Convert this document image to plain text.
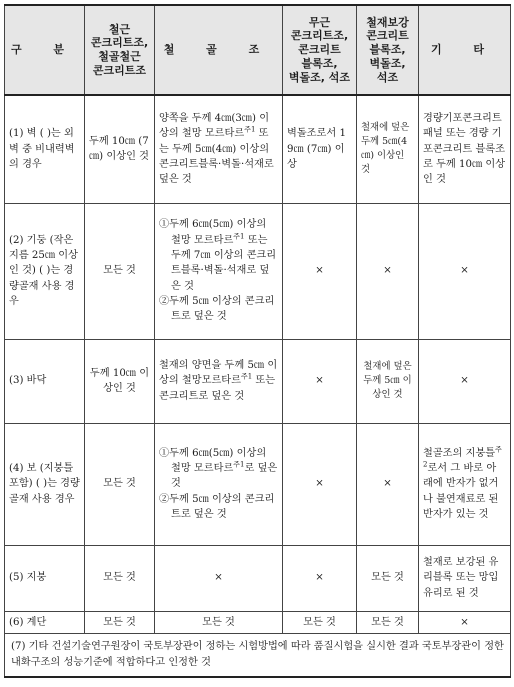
구 분	철근
콘크리트조,
철골철근
콘크리트조	철 골 조	무근
콘크리트조,
콘크리트
블록조,
벽돌조, 석조	철재보강
콘크리트
블록조,
벽돌조,
석조	기 타
(1) 벽 ( )는 외벽 중 비내력벽의 경우	두께 10㎝ (7㎝) 이상인 것	양쪽을 두께 4㎝(3㎝) 이상의 철망 모르타르$^{주1}$ 또는 두께 5㎝(4㎝) 이상의 콘크리트블록·벽돌·석재로 덮은 것	벽돌조로서 19㎝ (7㎝) 이상	철재에 덮은 두께 5㎝(4㎝) 이상인 것	경량기포콘크리트패널 또는 경량 기포콘크리트 블록조로 두께 10㎝ 이상인 것
(2) 기둥 (작은 지름 25㎝ 이상인 것) ( )는 경량골재 사용 경우	모든 것	①두께 6㎝(5㎝) 이상의 철망 모르타르$^{주1}$ 또는 두께 7㎝ 이상의 콘크리트블록·벽돌·석재로 덮은 것
②두께 5㎝ 이상의 콘크리트로 덮은 것	×	×	×
(3) 바닥	두께 10㎝ 이상인 것	철재의 양면을 두께 5㎝ 이상의 철망모르타르$^{주1}$ 또는 콘크리트로 덮은 것	×	철재에 덮은 두께 5㎝ 이상인 것	×
(4) 보 (지붕틀 포함) ( )는 경량골재 사용 경우	모든 것	①두께 6㎝(5㎝) 이상의 철망 모르타르$^{주1}$로 덮은 것
②두께 5㎝ 이상의 콘크리트로 덮은 것	×	×	철골조의 지붕틀$^{주2}$로서 그 바로 아래에 반자가 없거나 불연재료로 된 반자가 있는 것
(5) 지붕	모든 것	×	×	모든 것	철재로 보강된 유리블록 또는 망입유리로 된 것
(6) 계단	모든 것	모든 것	모든 것	모든 것	×
(7) 기타 건설기술연구원장이 국토부장관이 정하는 시험방법에 따라 품질시험을 실시한 결과 국토부장관이 정한 내화구조의 성능기준에 적합하다고 인정한 것					
